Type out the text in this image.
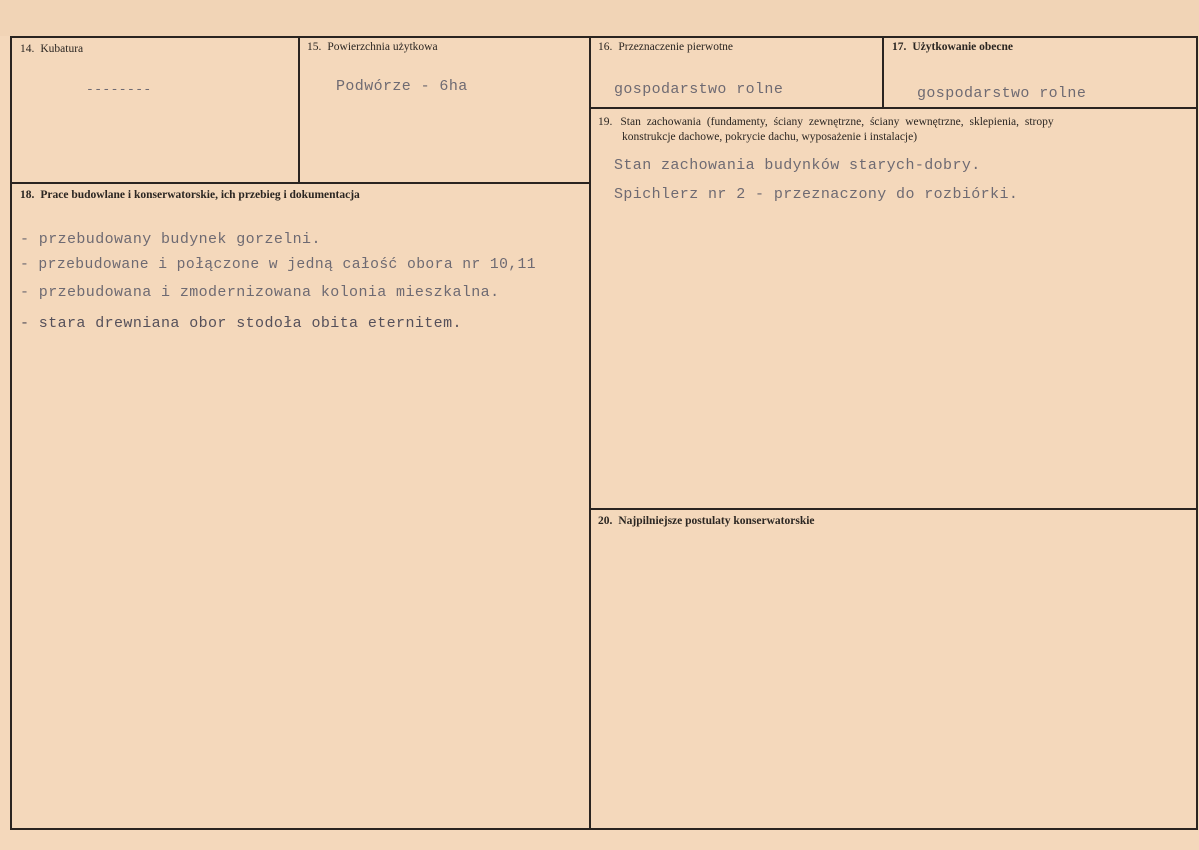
14. Kubatura
--------
15. Powierzchnia użytkowa
Podwórze - 6ha
16. Przeznaczenie pierwotne
gospodarstwo rolne
17. Użytkowanie obecne
gospodarstwo rolne
19. Stan zachowania (fundamenty, ściany zewnętrzne, ściany wewnętrzne, sklepienia, stropy
konstrukcje dachowe, pokrycie dachu, wyposażenie i instalacje)
Stan zachowania budynków starych-dobry.
Spichlerz nr 2 - przeznaczony do rozbiórki.
18. Prace budowlane i konserwatorskie, ich przebieg i dokumentacja
- przebudowany budynek gorzelni.
- przebudowane i połączone w jedną całość obora nr 10,11
- przebudowana i zmodernizowana kolonia mieszkalna.
- stara drewniana obor stodoła obita eternitem.
20. Najpilniejsze postulaty konserwatorskie
